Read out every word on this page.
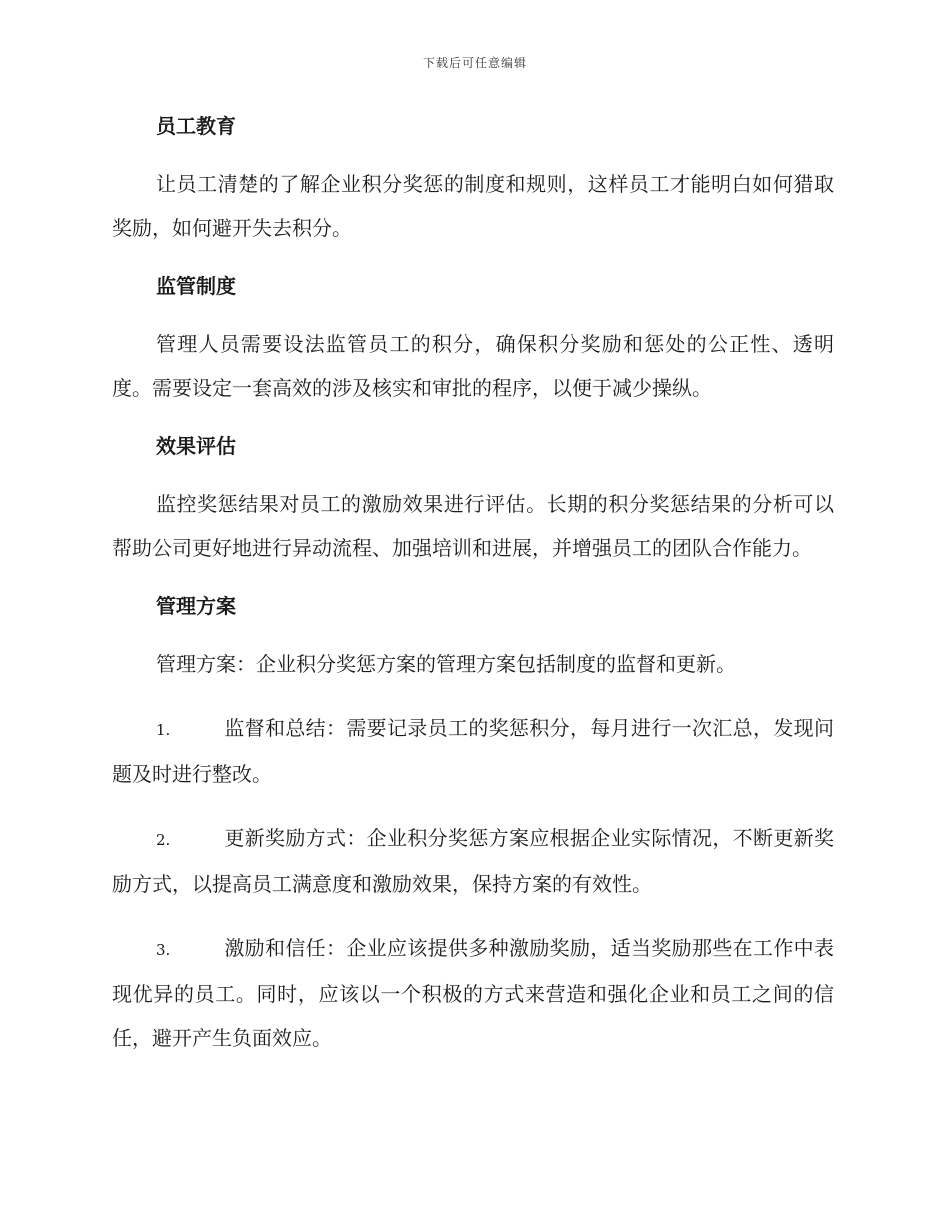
下载后可任意编辑
员工教育

让员工清楚的了解企业积分奖惩的制度和规则，这样员工才能明白如何猎取奖励，如何避开失去积分。

监管制度

管理人员需要设法监管员工的积分，确保积分奖励和惩处的公正性、透明度。需要设定一套高效的涉及核实和审批的程序，以便于减少操纵。

效果评估

监控奖惩结果对员工的激励效果进行评估。长期的积分奖惩结果的分析可以帮助公司更好地进行异动流程、加强培训和进展，并增强员工的团队合作能力。

管理方案

管理方案：企业积分奖惩方案的管理方案包括制度的监督和更新。

1.	监督和总结：需要记录员工的奖惩积分，每月进行一次汇总，发现问题及时进行整改。

2.	更新奖励方式：企业积分奖惩方案应根据企业实际情况，不断更新奖励方式，以提高员工满意度和激励效果，保持方案的有效性。

3.	激励和信任：企业应该提供多种激励奖励，适当奖励那些在工作中表现优异的员工。同时，应该以一个积极的方式来营造和强化企业和员工之间的信任，避开产生负面效应。
